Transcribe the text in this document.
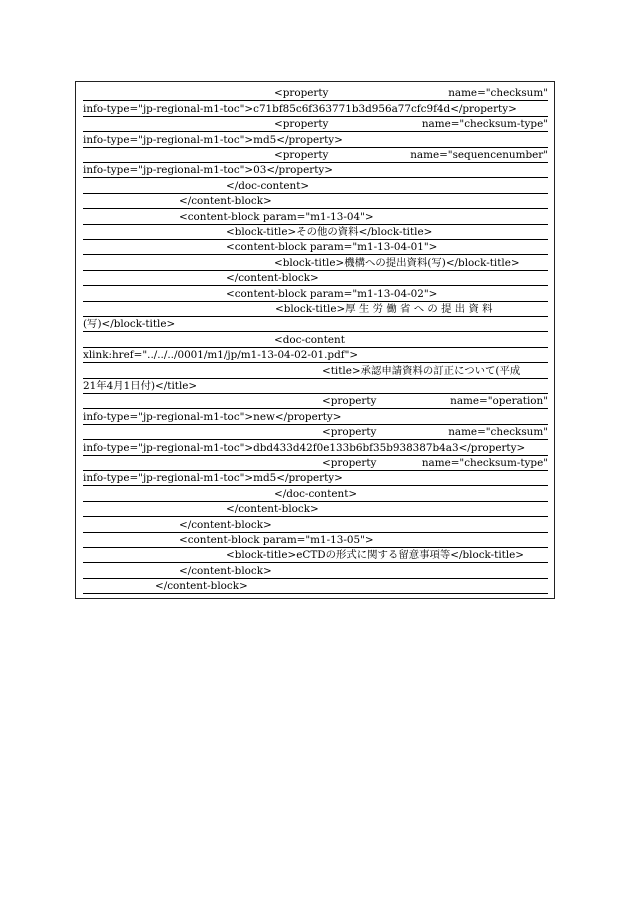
<property

	name="checksum"

info-type="jp-regional-m1-toc">c71bf85c6f363771b3d956a77cfc9f4d</property>

<property

	name="checksum-type"

info-type="jp-regional-m1-toc">md5</property>

<property

	name="sequencenumber"

info-type="jp-regional-m1-toc">03</property>

</doc-content>

</content-block>

<content-block param="m1-13-04">

<block-title>その他の資料</block-title>

<content-block param="m1-13-04-01">

<block-title>機構への提出資料(写)</block-title>

</content-block>

<content-block param="m1-13-04-02">

<block-title>厚 生 労 働 省 へ の 提 出 資 料

(写)</block-title>

<doc-content

xlink:href="../../../0001/m1/jp/m1-13-04-02-01.pdf">

<title>承認申請資料の訂正について(平成

21年4月1日付)</title>

<property

	name="operation"

info-type="jp-regional-m1-toc">new</property>

<property

	name="checksum"

info-type="jp-regional-m1-toc">dbd433d42f0e133b6bf35b938387b4a3</property>

<property

	name="checksum-type"

info-type="jp-regional-m1-toc">md5</property>

</doc-content>

</content-block>

</content-block>

<content-block param="m1-13-05">

<block-title>eCTDの形式に関する留意事項等</block-title>

</content-block>

</content-block>
